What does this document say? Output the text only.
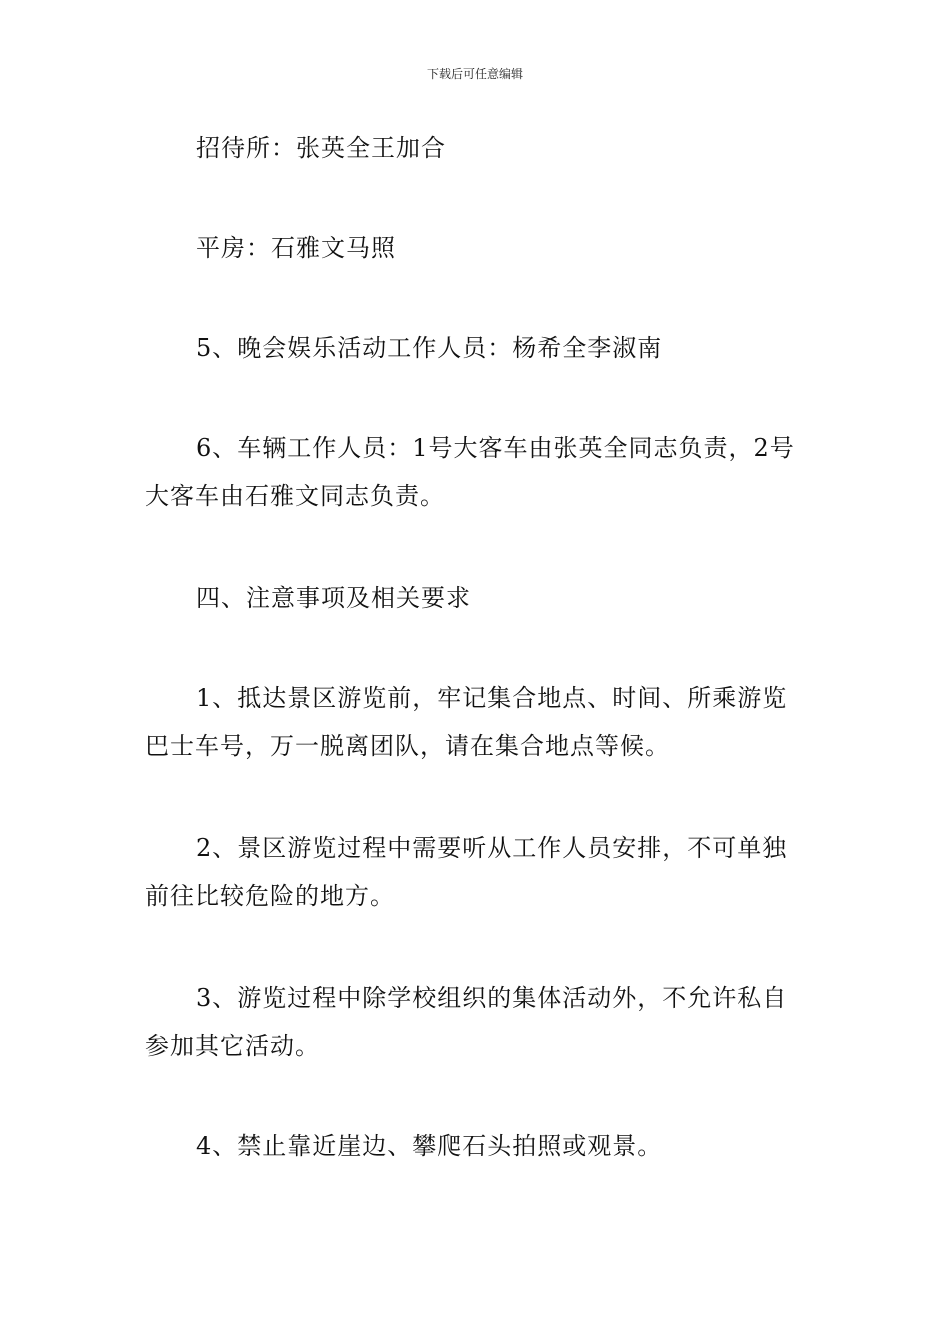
下载后可任意编辑

招待所：张英全王加合

平房：石雅文马照

5、晚会娱乐活动工作人员：杨希全李淑南

6、车辆工作人员：1号大客车由张英全同志负责，2号大客车由石雅文同志负责。

四、注意事项及相关要求

1、抵达景区游览前，牢记集合地点、时间、所乘游览巴士车号，万一脱离团队，请在集合地点等候。

2、景区游览过程中需要听从工作人员安排，不可单独前往比较危险的地方。

3、游览过程中除学校组织的集体活动外，不允许私自参加其它活动。

4、禁止靠近崖边、攀爬石头拍照或观景。
